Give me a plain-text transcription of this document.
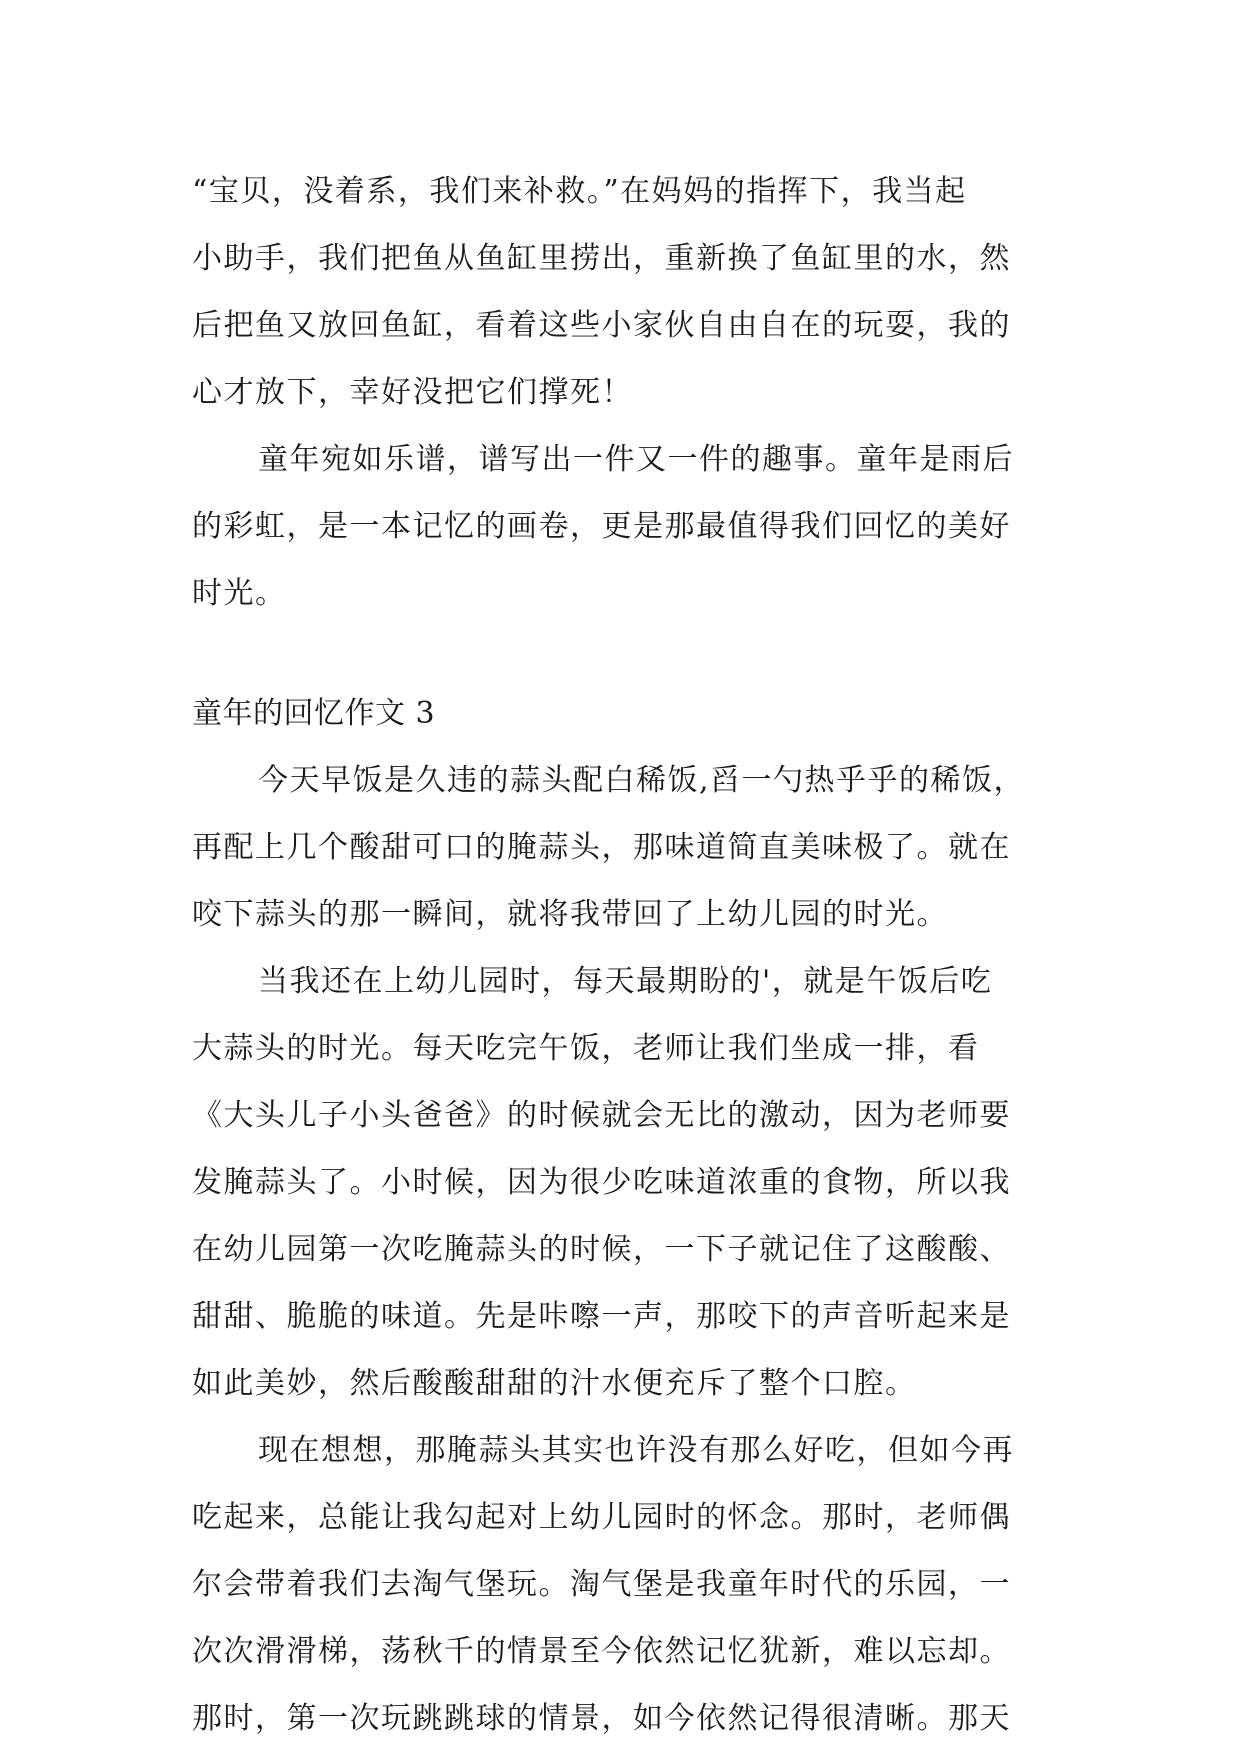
“宝贝，没着系，我们来补救。”在妈妈的指挥下，我当起
小助手，我们把鱼从鱼缸里捞出，重新换了鱼缸里的水，然
后把鱼又放回鱼缸，看着这些小家伙自由自在的玩耍，我的
心才放下，幸好没把它们撑死！
童年宛如乐谱，谱写出一件又一件的趣事。童年是雨后
的彩虹，是一本记忆的画卷，更是那最值得我们回忆的美好
时光。
童年的回忆作文 3
今天早饭是久违的蒜头配白稀饭,舀一勺热乎乎的稀饭，
再配上几个酸甜可口的腌蒜头，那味道简直美味极了。就在
咬下蒜头的那一瞬间，就将我带回了上幼儿园的时光。
当我还在上幼儿园时，每天最期盼的'，就是午饭后吃
大蒜头的时光。每天吃完午饭，老师让我们坐成一排，看
《大头儿子小头爸爸》的时候就会无比的激动，因为老师要
发腌蒜头了。小时候，因为很少吃味道浓重的食物，所以我
在幼儿园第一次吃腌蒜头的时候，一下子就记住了这酸酸、
甜甜、脆脆的味道。先是咔嚓一声，那咬下的声音听起来是
如此美妙，然后酸酸甜甜的汁水便充斥了整个口腔。
现在想想，那腌蒜头其实也许没有那么好吃，但如今再
吃起来，总能让我勾起对上幼儿园时的怀念。那时，老师偶
尔会带着我们去淘气堡玩。淘气堡是我童年时代的乐园，一
次次滑滑梯，荡秋千的情景至今依然记忆犹新，难以忘却。
那时，第一次玩跳跳球的情景，如今依然记得很清晰。那天
